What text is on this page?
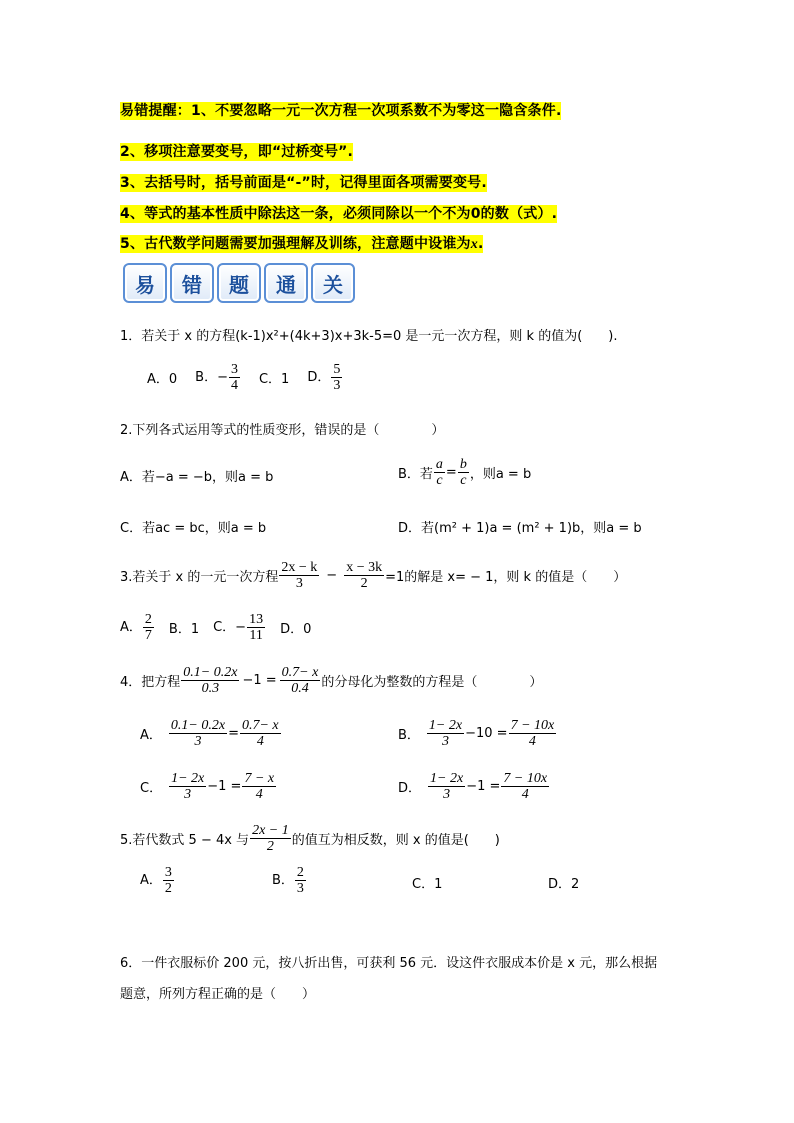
易错提醒：1、不要忽略一元一次方程一次项系数不为零这一隐含条件.
2、移项注意要变号，即“过桥变号”.
3、去括号时，括号前面是“-”时，记得里面各项需要变号.
4、等式的基本性质中除法这一条，必须同除以一个不为0的数（式）.
5、古代数学问题需要加强理解及训练，注意题中设谁为x.
易	错	题	通	关
1．若关于 x 的方程(k-1)x²+(4k+3)x+3k-5=0 是一元一次方程，则 k 的值为(　　).
A．0 B．− $\frac{3}{4}$ C．1 D． $\frac{5}{3}$
2.下列各式运用等式的性质变形，错误的是（　　　　）
A．若−a = −b，则a = b	B．若 $\frac{a}{c} = \frac{b}{c}$ ，则a = b
C．若ac = bc，则a = b	D．若(m² + 1)a = (m² + 1)b，则a = b
3.若关于 x 的一元一次方程 $\frac{2x - k}{3} - \frac{x - 3k}{2} =1$的解是 x= − 1，则 k 的值是（　　）
A． $\frac{2}{7}$ B．1 C．− $\frac{13}{11}$ D．0
4．把方程 $\frac{0.1- 0.2x}{0.3} -1 = \frac{0.7- x}{0.4}$ 的分母化为整数的方程是（　　　　）
A． $\frac{0.1- 0.2x}{3} = \frac{0.7- x}{4}$	B． $\frac{1- 2x}{3} -10 = \frac{7 - 10x}{4}$
C． $\frac{1- 2x}{3} -1 = \frac{7 - x}{4}$	D． $\frac{1- 2x}{3} -1 = \frac{7 - 10x}{4}$
5.若代数式 5 − 4x 与 $\frac{2x - 1}{2}$ 的值互为相反数，则 x 的值是(　　)
A． $\frac{3}{2}$	B． $\frac{2}{3}$	C．1	D．2
6．一件衣服标价 200 元，按八折出售，可获利 56 元．设这件衣服成本价是 x 元，那么根据
题意，所列方程正确的是（　　）
